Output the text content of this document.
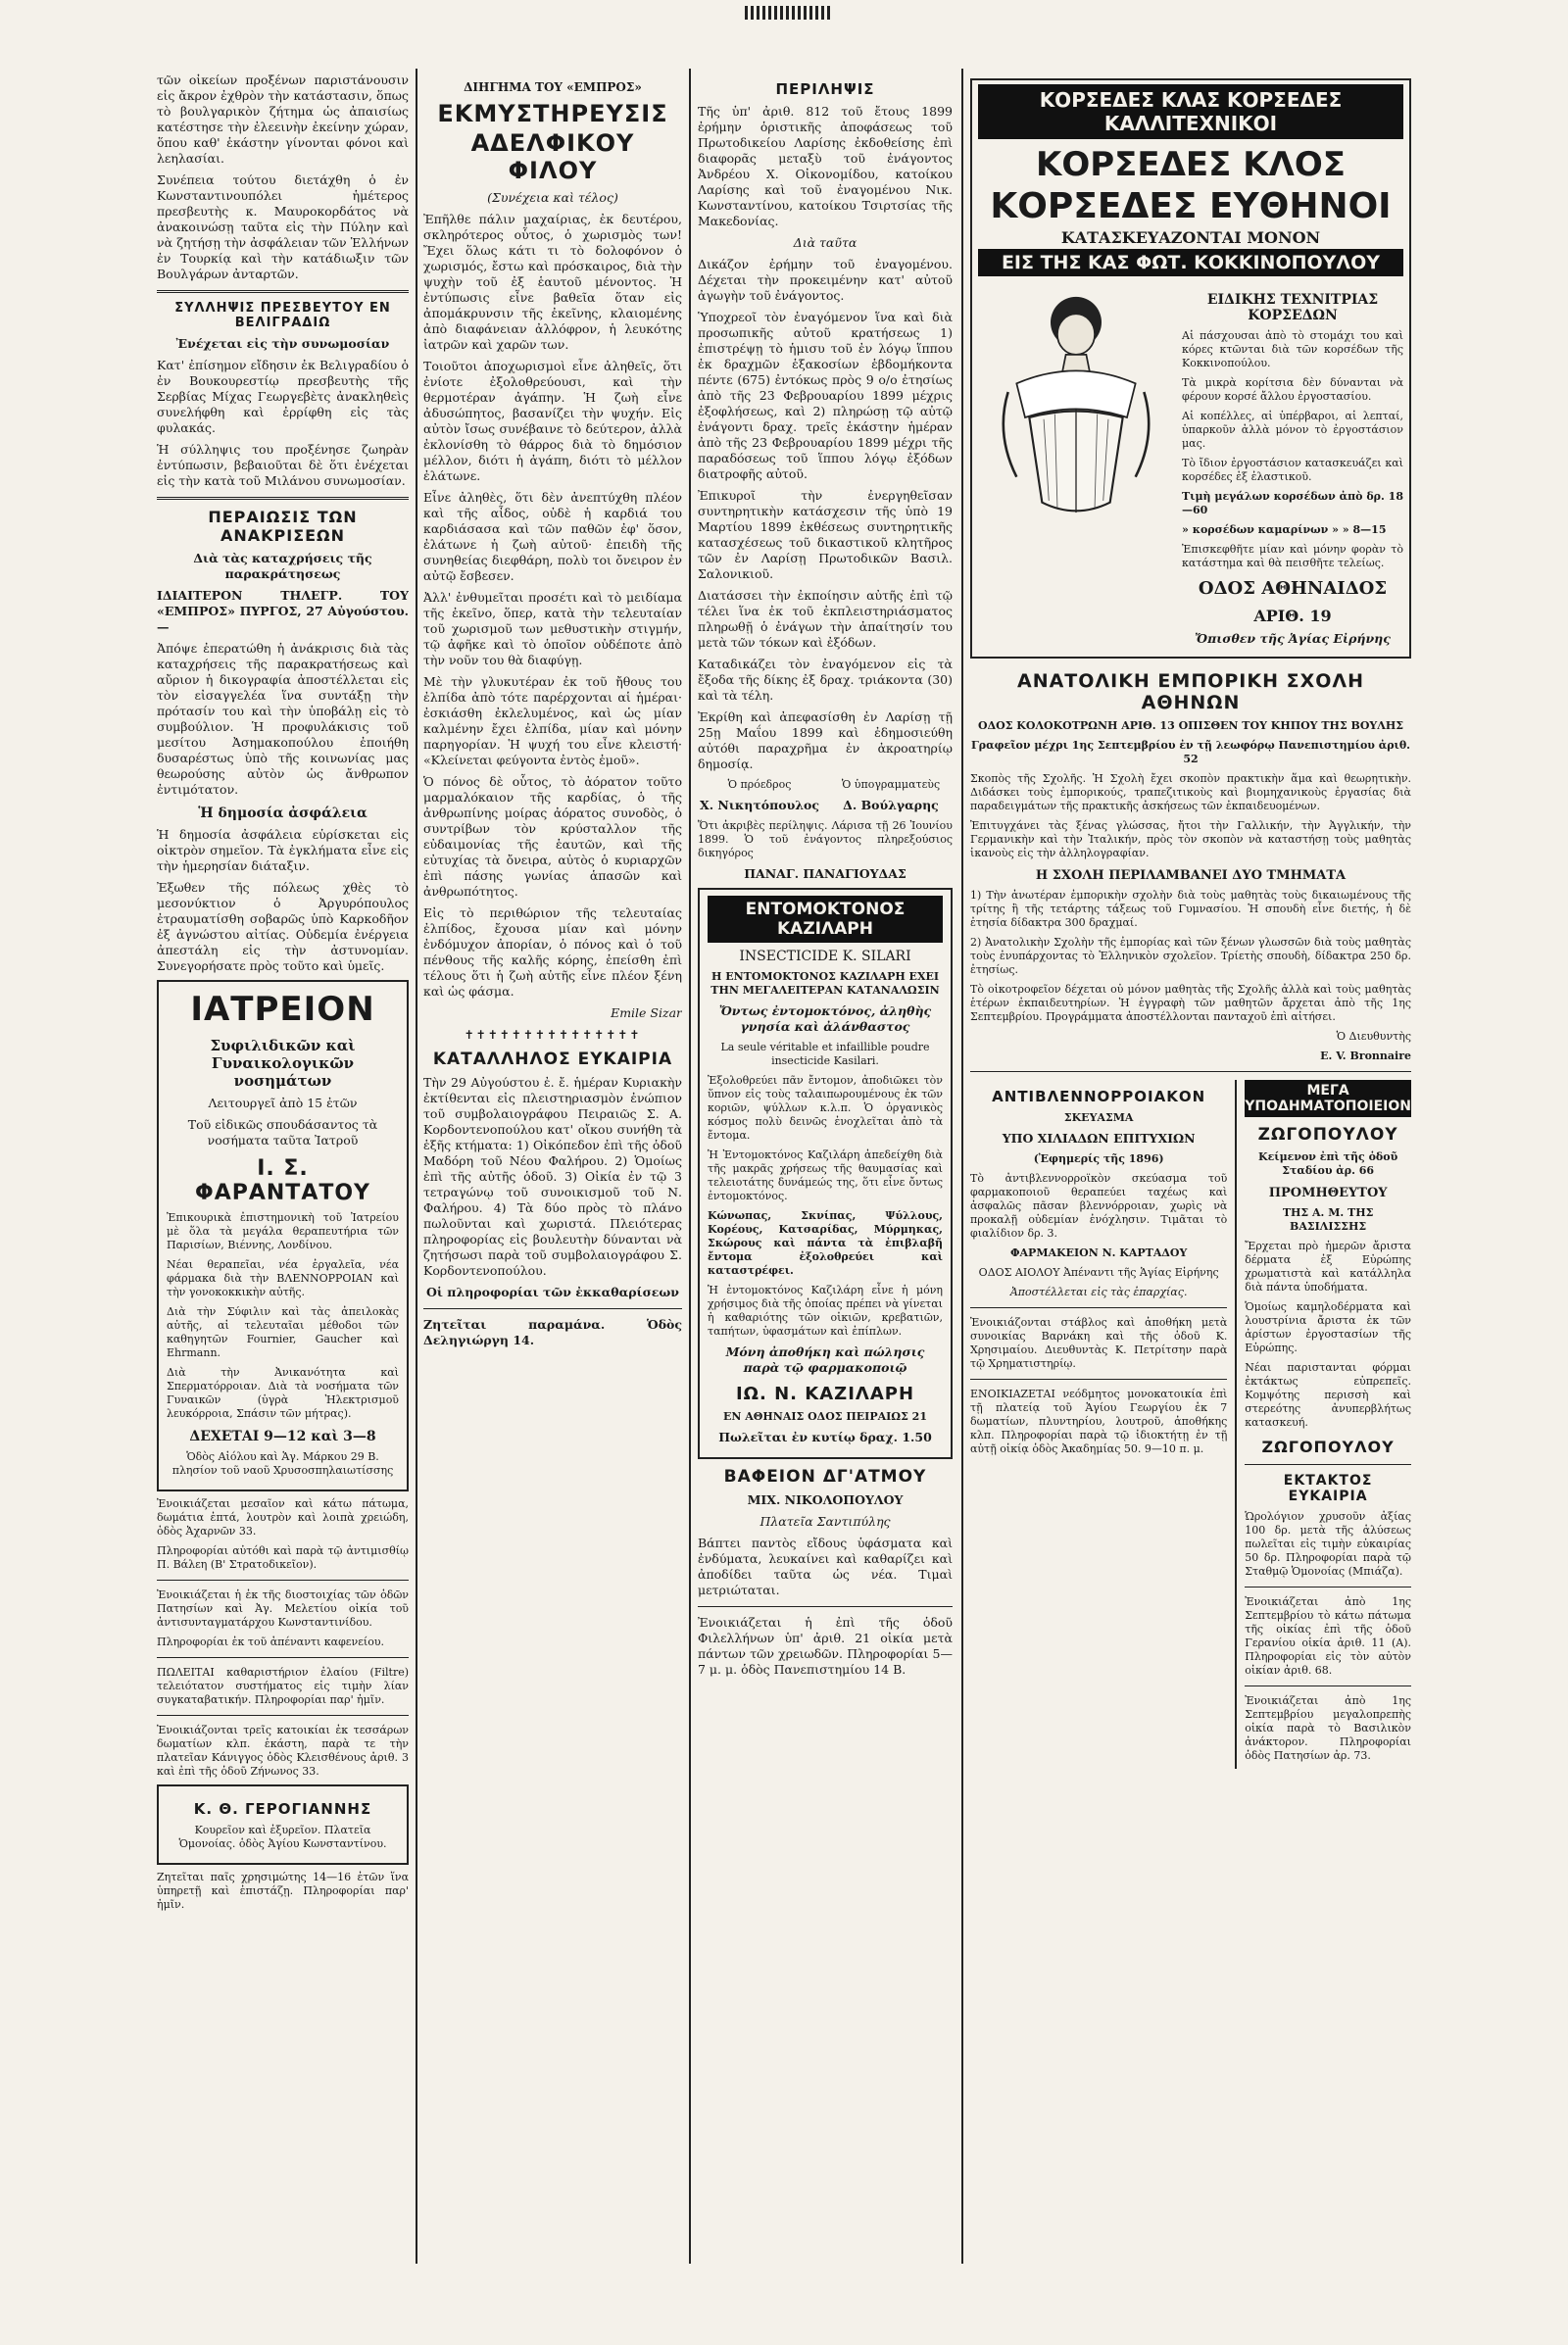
τῶν οἰκείων προξένων παριστάνουσιν εἰς ἄκρον ἐχθρὸν τὴν κατάστασιν, ὅπως τὸ βουλγαρικὸν ζήτημα ὡς ἀπαισίως κατέστησε τὴν ἐλεεινὴν ἐκείνην χώραν, ὅπου καθ' ἑκάστην γίνονται φόνοι καὶ λεηλασίαι.

Συνέπεια τούτου διετάχθη ὁ ἐν Κωνσταντινουπόλει ἡμέτερος πρεσβευτὴς κ. Μαυροκορδάτος νὰ ἀνακοινώσῃ ταῦτα εἰς τὴν Πύλην καὶ νὰ ζητήσῃ τὴν ἀσφάλειαν τῶν Ἑλλήνων ἐν Τουρκίᾳ καὶ τὴν κατάδιωξιν τῶν Βουλγάρων ἀνταρτῶν.

ΣΥΛΛΗΨΙΣ ΠΡΕΣΒΕΥΤΟΥ ΕΝ ΒΕΛΙΓΡΑΔΙΩ

Ἐνέχεται εἰς τὴν συνωμοσίαν

Κατ' ἐπίσημον εἴδησιν ἐκ Βελιγραδίου ὁ ἐν Βουκουρεστίῳ πρεσβευτὴς τῆς Σερβίας Μίχας Γεωργεβὲτς ἀνακληθεὶς συνελήφθη καὶ ἐρρίφθη εἰς τὰς φυλακάς.

Ἡ σύλληψις του προξένησε ζωηρὰν ἐντύπωσιν, βεβαιοῦται δὲ ὅτι ἐνέχεται εἰς τὴν κατὰ τοῦ Μιλάνου συνωμοσίαν.

ΠΕΡΑΙΩΣΙΣ ΤΩΝ ΑΝΑΚΡΙΣΕΩΝ

Διὰ τὰς καταχρήσεις τῆς παρακράτησεως

ΙΔΙΑΙΤΕΡΟΝ ΤΗΛΕΓΡ. ΤΟΥ «ΕΜΠΡΟΣ» ΠΥΡΓΟΣ, 27 Αὐγούστου.—

Ἀπόψε ἐπερατώθη ἡ ἀνάκρισις διὰ τὰς καταχρήσεις τῆς παρακρατήσεως καὶ αὔριον ἡ δικογραφία ἀποστέλλεται εἰς τὸν εἰσαγγελέα ἵνα συντάξῃ τὴν πρότασίν του καὶ τὴν ὑποβάλῃ εἰς τὸ συμβούλιον. Ἡ προφυλάκισις τοῦ μεσίτου Ἀσημακοπούλου ἐποιήθη δυσαρέστως ὑπὸ τῆς κοινωνίας μας θεωρούσης αὐτὸν ὡς ἄνθρωπον ἐντιμότατον.

Ἡ δημοσία ἀσφάλεια

Ἡ δημοσία ἀσφάλεια εὑρίσκεται εἰς οἰκτρὸν σημεῖον. Τὰ ἐγκλήματα εἶνε εἰς τὴν ἡμερησίαν διάταξιν.

Ἐξωθεν τῆς πόλεως χθὲς τὸ μεσονύκτιον ὁ Ἀργυρόπουλος ἐτραυματίσθη σοβαρῶς ὑπὸ Καρκοδῆον ἐξ ἀγνώστου αἰτίας. Οὐδεμία ἐνέργεια ἀπεστάλη εἰς τὴν ἀστυνομίαν. Συνεγορήσατε πρὸς τοῦτο καὶ ὑμεῖς.

ΙΑΤΡΕΙΟΝ
Συφιλιδικῶν καὶ Γυναικολογικῶν νοσημάτων

Λειτουργεῖ ἀπὸ 15 ἐτῶν

Τοῦ εἰδικῶς σπουδάσαντος τὰ νοσήματα ταῦτα Ἰατροῦ

Ι. Σ. ΦΑΡΑΝΤΑΤΟΥ

Ἐπικουρικὰ ἐπιστημονικὴ τοῦ Ἰατρείου μὲ ὅλα τὰ μεγάλα θεραπευτήρια τῶν Παρισίων, Βιέννης, Λονδίνου.

Νέαι θεραπεῖαι, νέα ἐργαλεῖα, νέα φάρμακα διὰ τὴν ΒΛΕΝΝΟΡΡΟΙΑΝ καὶ τὴν γονοκοκκικὴν αὐτῆς.

Διὰ τὴν Σύφιλιν καὶ τὰς ἀπειλοκὰς αὐτῆς, αἱ τελευταῖαι μέθοδοι τῶν καθηγητῶν Fournier, Gaucher καὶ Ehrmann.

Διὰ τὴν Ἀνικανότητα καὶ Σπερματόρροιαν. Διὰ τὰ νοσήματα τῶν Γυναικῶν (ὑγρὰ Ἠλεκτρισμοῦ λευκόρροια, Σπάσιν τῶν μήτρας).

ΔΕΧΕΤΑΙ 9—12 καὶ 3—8

Ὁδὸς Αἰόλου καὶ Ἁγ. Μάρκου 29 Β. πλησίον τοῦ ναοῦ Χρυσοσπηλαιωτίσσης

Ἐνοικιάζεται μεσαῖον καὶ κάτω πάτωμα, δωμάτια ἐπτά, λουτρὸν καὶ λοιπὰ χρειώδη, ὁδὸς Ἀχαρνῶν 33.

Πληροφορίαι αὐτόθι καὶ παρὰ τῷ ἀντιμισθίῳ Π. Βάλεη (Β' Στρατοδικεῖον).

Ἐνοικιάζεται ἡ ἐκ τῆς διοστοιχίας τῶν ὁδῶν Πατησίων καὶ Ἀγ. Μελετίου οἰκία τοῦ ἀντισυνταγματάρχου Κωνσταντινίδου.

Πληροφορίαι ἐκ τοῦ ἀπέναντι καφενείου.

ΠΩΛΕΙΤΑΙ καθαριστήριον ἐλαίου (Filtre) τελειότατον συστήματος εἰς τιμὴν λίαν συγκαταβατικήν. Πληροφορίαι παρ' ἡμῖν.

Ἐνοικιάζονται τρεῖς κατοικίαι ἐκ τεσσάρων δωματίων κλπ. ἑκάστη, παρὰ τε τὴν πλατεῖαν Κάνιγγος ὁδὸς Κλεισθένους ἀριθ. 3 καὶ ἐπὶ τῆς ὁδοῦ Ζήνωνος 33.

Κ. Θ. ΓΕΡΟΓΙΑΝΝΗΣ

Κουρεῖον καὶ ἐξυρεῖον. Πλατεῖα Ὁμονοίας. ὁδὸς Ἀγίου Κωνσταντίνου.

Ζητεῖται παῖς χρησιμώτης 14—16 ἐτῶν ἵνα ὑπηρετῇ καὶ ἐπιστάζῃ. Πληροφορίαι παρ' ἡμῖν.

ΔΙΗΓΗΜΑ ΤΟΥ «ΕΜΠΡΟΣ»
ΕΚΜΥΣΤΗΡΕΥΣΙΣ
ΑΔΕΛΦΙΚΟΥ ΦΙΛΟΥ

(Συνέχεια καὶ τέλος)

Ἐπῆλθε πάλιν μαχαίριας, ἐκ δευτέρου, σκληρότερος οὗτος, ὁ χωρισμὸς των! Ἔχει ὅλως κάτι τι τὸ δολοφόνον ὁ χωρισμός, ἔστω καὶ πρόσκαιρος, διὰ τὴν ψυχὴν τοῦ ἐξ ἑαυτοῦ μένοντος. Ἡ ἐντύπωσις εἶνε βαθεῖα ὅταν εἰς ἀπομάκρυνσιν τῆς ἐκεῖνης, κλαιομένης ἀπὸ διαφάνειαν ἀλλόφρον, ἡ λευκότης ἰατρῶν καὶ χαρῶν των.

Τοιοῦτοι ἀποχωρισμοὶ εἶνε ἀληθεῖς, ὅτι ἐνίοτε ἐξολοθρεύουσι, καὶ τὴν θερμοτέραν ἀγάπην. Ἡ ζωὴ εἶνε ἀδυσώπητος, βασανίζει τὴν ψυχήν. Εἰς αὐτὸν ἴσως συνέβαινε τὸ δεύτερον, ἀλλὰ ἐκλονίσθη τὸ θάρρος διὰ τὸ δημόσιον μέλλον, διότι ἡ ἀγάπη, διότι τὸ μέλλον ἐλάτωνε.

Εἶνε ἀληθὲς, ὅτι δὲν ἀνεπτύχθη πλέον καὶ τῆς αἶδος, οὐδὲ ἡ καρδιά του καρδιάσασα καὶ τῶν παθῶν ἐφ' ὅσον, ἐλάτωνε ἡ ζωὴ αὐτοῦ· ἐπειδὴ τῆς συνηθείας διεφθάρη, πολὺ τοι ὄνειρον ἐν αὐτῷ ἔσβεσεν.

Ἀλλ' ἐνθυμεῖται προσέτι καὶ τὸ μειδίαμα τῆς ἐκεῖνο, ὅπερ, κατὰ τὴν τελευταίαν τοῦ χωρισμοῦ των μεθυστικὴν στιγμήν, τῷ ἀφῆκε καὶ τὸ ὁποῖον οὐδέποτε ἀπὸ τὴν νοῦν του θὰ διαφύγῃ.

Μὲ τὴν γλυκυτέραν ἐκ τοῦ ἤθους του ἐλπίδα ἀπὸ τότε παρέρχονται αἱ ἡμέραι· ἐσκιάσθη ἐκλελυμένος, καὶ ὡς μίαν καλμένην ἔχει ἐλπίδα, μίαν καὶ μόνην παρηγορίαν. Ἡ ψυχή του εἶνε κλειστή· «Κλείνεται φεύγοντα ἐντὸς ἐμοῦ».

Ὁ πόνος δὲ οὗτος, τὸ ἀόρατον τοῦτο μαρμαλόκαιον τῆς καρδίας, ὁ τῆς ἀνθρωπίνης μοίρας ἀόρατος συνοδὸς, ὁ συντρίβων τὸν κρύσταλλον τῆς εὐδαιμονίας τῆς ἑαυτῶν, καὶ τῆς εὐτυχίας τὰ ὄνειρα, αὐτὸς ὁ κυριαρχῶν ἐπὶ πάσης γωνίας ἁπασῶν καὶ ἀνθρωπότητος.

Εἰς τὸ περιθώριον τῆς τελευταίας ἐλπίδος, ἔχουσα μίαν καὶ μόνην ἐνδόμυχον ἀπορίαν, ὁ πόνος καὶ ὁ τοῦ πένθους τῆς καλῆς κόρης, ἐπείσθη ἐπὶ τέλους ὅτι ἡ ζωὴ αὐτῆς εἶνε πλέον ξένη καὶ ὡς φάσμα.

Emile Sizar
✝✝✝✝✝✝✝✝✝✝✝✝✝✝✝
ΚΑΤΑΛΛΗΛΟΣ ΕΥΚΑΙΡΙΑ

Τὴν 29 Αὐγούστου ἐ. ἔ. ἡμέραν Κυριακὴν ἐκτίθενται εἰς πλειστηριασμὸν ἐνώπιον τοῦ συμβολαιογράφου Πειραιῶς Σ. Α. Κορδοντενοπούλου κατ' οἴκου συνήθη τὰ ἑξῆς κτήματα: 1) Οἰκόπεδον ἐπὶ τῆς ὁδοῦ Μαδόρη τοῦ Νέου Φαλήρου. 2) Ὁμοίως ἐπὶ τῆς αὐτῆς ὁδοῦ. 3) Οἰκία ἐν τῷ 3 τετραγώνῳ τοῦ συνοικισμοῦ τοῦ Ν. Φαλήρου. 4) Τὰ δύο πρὸς τὸ πλάνο πωλοῦνται καὶ χωριστά. Πλειότερας πληροφορίας εἰς βουλευτὴν δύνανται νὰ ζητήσωσι παρὰ τοῦ συμβολαιογράφου Σ. Κορδοντενοπούλου.

Οἱ πληροφορίαι τῶν ἐκκαθαρίσεων

Ζητεῖται παραμάνα. Ὁδὸς Δεληγιώργη 14.

ΠΕΡΙΛΗΨΙΣ

Τῆς ὑπ' ἀριθ. 812 τοῦ ἔτους 1899 ἐρήμην ὁριστικῆς ἀποφάσεως τοῦ Πρωτοδικείου Λαρίσης ἐκδοθείσης ἐπὶ διαφορᾶς μεταξὺ τοῦ ἐνάγοντος Ἀνδρέου Χ. Οἰκονομίδου, κατοίκου Λαρίσης καὶ τοῦ ἐναγομένου Νικ. Κωνσταντίνου, κατοίκου Τσιρτσίας τῆς Μακεδονίας.

Διὰ ταῦτα

Δικάζον ἐρήμην τοῦ ἐναγομένου. Δέχεται τὴν προκειμένην κατ' αὐτοῦ ἀγωγὴν τοῦ ἐνάγοντος.

Ὑποχρεοῖ τὸν ἐναγόμενον ἵνα καὶ διὰ προσωπικῆς αὐτοῦ κρατήσεως 1) ἐπιστρέψῃ τὸ ἡμισυ τοῦ ἐν λόγῳ ἵππου ἐκ δραχμῶν ἑξακοσίων ἑβδομήκοντα πέντε (675) ἐντόκως πρὸς 9 ο/ο ἐτησίως ἀπὸ τῆς 23 Φεβρουαρίου 1899 μέχρις ἐξοφλήσεως, καὶ 2) πληρώσῃ τῷ αὐτῷ ἐνάγοντι δραχ. τρεῖς ἑκάστην ἡμέραν ἀπὸ τῆς 23 Φεβρουαρίου 1899 μέχρι τῆς παραδόσεως τοῦ ἵππου λόγῳ ἐξόδων διατροφῆς αὐτοῦ.

Ἐπικυροῖ τὴν ἐνεργηθεῖσαν συντηρητικὴν κατάσχεσιν τῆς ὑπὸ 19 Μαρτίου 1899 ἐκθέσεως συντηρητικῆς κατασχέσεως τοῦ δικαστικοῦ κλητῆρος τῶν ἐν Λαρίσῃ Πρωτοδικῶν Βασιλ. Σαλονικιοῦ.

Διατάσσει τὴν ἐκποίησιν αὐτῆς ἐπὶ τῷ τέλει ἵνα ἐκ τοῦ ἐκπλειστηριάσματος πληρωθῇ ὁ ἐνάγων τὴν ἀπαίτησίν του μετὰ τῶν τόκων καὶ ἐξόδων.

Καταδικάζει τὸν ἐναγόμενον εἰς τὰ ἔξοδα τῆς δίκης ἐξ δραχ. τριάκοντα (30) καὶ τὰ τέλη.

Ἐκρίθη καὶ ἀπεφασίσθη ἐν Λαρίσῃ τῇ 25ῃ Μαΐου 1899 καὶ ἐδημοσιεύθη αὐτόθι παραχρῆμα ἐν ἀκροατηρίῳ δημοσίᾳ.

Ὁ πρόεδρος

Χ. Νικητόπουλος

Ὁ ὑπογραμματεὺς

Δ. Βούλγαρης

Ὅτι ἀκριβὲς περίληψις. Λάρισα τῇ 26 Ἰουνίου 1899. Ὁ τοῦ ἐνάγοντος πληρεξούσιος δικηγόρος

ΠΑΝΑΓ. ΠΑΝΑΓΙΟΥΔΑΣ

ΕΝΤΟΜΟΚΤΟΝΟΣ ΚΑΖΙΛΑΡΗ

INSECTICIDE K. SILARI

Η ΕΝΤΟΜΟΚΤΟΝΟΣ ΚΑΖΙΛΑΡΗ ΕΧΕΙ ΤΗΝ ΜΕΓΑΛΕΙΤΕΡΑΝ ΚΑΤΑΝΑΛΩΣΙΝ

Ὄντως ἐντομοκτόνος, ἀληθὴς γνησία καὶ ἀλάνθαστος

La seule véritable et infaillible poudre insecticide Kasilari.

Ἐξολοθρεύει πᾶν ἔντομον, ἀποδιῶκει τὸν ὕπνον εἰς τοὺς ταλαιπωρουμένους ἐκ τῶν κοριῶν, ψύλλων κ.λ.π. Ὁ ὀργανικὸς κόσμος πολὺ δεινῶς ἐνοχλεῖται ἀπὸ τὰ ἔντομα.

Ἡ Ἐντομοκτόνος Καζιλάρη ἀπεδείχθη διὰ τῆς μακρᾶς χρήσεως τῆς θαυμασίας καὶ τελειοτάτης δυνάμεώς της, ὅτι εἶνε ὄντως ἐντομοκτόνος.

Κώνωπας, Σκνίπας, Ψύλλους, Κορέους, Κατσαρίδας, Μύρμηκας, Σκώρους καὶ πάντα τὰ ἐπιβλαβῆ ἔντομα ἐξολοθρεύει καὶ καταστρέφει.

Ἡ ἐντομοκτόνος Καζιλάρη εἶνε ἡ μόνη χρήσιμος διὰ τῆς ὁποίας πρέπει νὰ γίνεται ἡ καθαριότης τῶν οἰκιῶν, κρεβατιῶν, ταπήτων, ὑφασμάτων καὶ ἐπίπλων.

Μόνη ἀποθήκη καὶ πώλησις παρὰ τῷ φαρμακοποιῷ

ΙΩ. Ν. ΚΑΖΙΛΑΡΗ

ΕΝ ΑΘΗΝΑΙΣ ΟΔΟΣ ΠΕΙΡΑΙΩΣ 21

Πωλεῖται ἐν κυτίῳ δραχ. 1.50

ΒΑΦΕΙΟΝ ΔΓ'ΑΤΜΟΥ

ΜΙΧ. ΝΙΚΟΛΟΠΟΥΛΟΥ

Πλατεῖα Σαντιπύλης

Βάπτει παντὸς εἴδους ὑφάσματα καὶ ἐνδύματα, λευκαίνει καὶ καθαρίζει καὶ ἀποδίδει ταῦτα ὡς νέα. Τιμαὶ μετριώταται.

Ἐνοικιάζεται ἡ ἐπὶ τῆς ὁδοῦ Φιλελλήνων ὑπ' ἀριθ. 21 οἰκία μετὰ πάντων τῶν χρειωδῶν. Πληροφορίαι 5—7 μ. μ. ὁδὸς Πανεπιστημίου 14 Β.

ΚΟΡΣΕΔΕΣ ΚΛΑΣ ΚΟΡΣΕΔΕΣ ΚΑΛΛΙΤΕΧΝΙΚΟΙ
ΚΟΡΣΕΔΕΣ ΚΛΟΣ
ΚΟΡΣΕΔΕΣ ΕΥΘΗΝΟΙ
ΚΑΤΑΣΚΕΥΑΖΟΝΤΑΙ ΜΟΝΟΝ
ΕΙΣ ΤΗΣ ΚΑΣ ΦΩΤ. ΚΟΚΚΙΝΟΠΟΥΛΟΥ
ΕΙΔΙΚΗΣ ΤΕΧΝΙΤΡΙΑΣ ΚΟΡΣΕΔΩΝ

Αἱ πάσχουσαι ἀπὸ τὸ στομάχι του καὶ κόρες κτῶνται διὰ τῶν κορσέδων τῆς Κοκκινοπούλου.

Τὰ μικρὰ κορίτσια δὲν δύνανται νὰ φέρουν κορσέ ἄλλου ἐργοστασίου.

Αἱ κοπέλλες, αἱ ὑπέρβαροι, αἱ λεπταί, ὑπαρκοῦν ἀλλὰ μόνον τὸ ἐργοστάσιον μας.

Τὸ ἴδιον ἐργοστάσιον κατασκευάζει καὶ κορσέδες ἐξ ἐλαστικοῦ.

Τιμὴ μεγάλων κορσέδων ἀπὸ δρ. 18—60

» κορσέδων καμαρίνων » » 8—15

Ἐπισκεφθῆτε μίαν καὶ μόνην φορὰν τὸ κατάστημα καὶ θὰ πεισθῆτε τελείως.

ΟΔΟΣ ΑΘΗΝΑΙΔΟΣ
ΑΡΙΘ. 19

Ὄπισθεν τῆς Ἁγίας Εἰρήνης

ΑΝΑΤΟΛΙΚΗ ΕΜΠΟΡΙΚΗ ΣΧΟΛΗ ΑΘΗΝΩΝ

ΟΔΟΣ ΚΟΛΟΚΟΤΡΩΝΗ ΑΡΙΘ. 13 ΟΠΙΣΘΕΝ ΤΟΥ ΚΗΠΟΥ ΤΗΣ ΒΟΥΛΗΣ

Γραφεῖον μέχρι 1ης Σεπτεμβρίου ἐν τῇ λεωφόρῳ Πανεπιστημίου ἀριθ. 52

Σκοπὸς τῆς Σχολῆς. Ἡ Σχολὴ ἔχει σκοπὸν πρακτικὴν ἅμα καὶ θεωρητικὴν. Διδάσκει τοὺς ἐμπορικούς, τραπεζιτικοὺς καὶ βιομηχανικοὺς ἐργασίας διὰ παραδειγμάτων τῆς πρακτικῆς ἀσκήσεως τῶν ἐκπαιδευομένων.

Ἐπιτυγχάνει τὰς ξένας γλώσσας, ἤτοι τὴν Γαλλικήν, τὴν Ἀγγλικήν, τὴν Γερμανικὴν καὶ τὴν Ἰταλικήν, πρὸς τὸν σκοπὸν νὰ καταστήσῃ τοὺς μαθητὰς ἱκανοὺς εἰς τὴν ἀλληλογραφίαν.

Η ΣΧΟΛΗ ΠΕΡΙΛΑΜΒΑΝΕΙ ΔΥΟ ΤΜΗΜΑΤΑ

1) Τὴν ἀνωτέραν ἐμπορικὴν σχολὴν διὰ τοὺς μαθητὰς τοὺς δικαιωμένους τῆς τρίτης ἢ τῆς τετάρτης τάξεως τοῦ Γυμνασίου. Ἡ σπουδὴ εἶνε διετής, ἡ δὲ ἐτησία δίδακτρα 300 δραχμαί.

2) Ἀνατολικὴν Σχολὴν τῆς ἐμπορίας καὶ τῶν ξένων γλωσσῶν διὰ τοὺς μαθητὰς τοὺς ἐνυπάρχοντας τὸ Ἑλληνικὸν σχολεῖον. Τρίετὴς σπουδὴ, δίδακτρα 250 δρ. ἐτησίως.

Τὸ οἰκοτροφεῖον δέχεται οὐ μόνον μαθητὰς τῆς Σχολῆς ἀλλὰ καὶ τοὺς μαθητὰς ἑτέρων ἐκπαιδευτηρίων. Ἡ ἐγγραφὴ τῶν μαθητῶν ἄρχεται ἀπὸ τῆς 1ης Σεπτεμβρίου. Προγράμματα ἀποστέλλονται πανταχοῦ ἐπὶ αἰτήσει.

Ὁ Διευθυντὴς

E. V. Bronnaire

ΑΝΤΙΒΛΕΝΝΟΡΡΟΙΑΚΟΝ

ΣΚΕΥΑΣΜΑ

ΥΠΟ ΧΙΛΙΑΔΩΝ ΕΠΙΤΥΧΙΩΝ

(Ἐφημερίς τῆς 1896)

Τὸ ἀντιβλεννορροϊκὸν σκεύασμα τοῦ φαρμακοποιοῦ θεραπεύει ταχέως καὶ ἀσφαλῶς πᾶσαν βλεννόρροιαν, χωρὶς νὰ προκαλῇ οὐδεμίαν ἐνόχλησιν. Τιμᾶται τὸ φιαλίδιον δρ. 3.

ΦΑΡΜΑΚΕΙΟΝ Ν. ΚΑΡΤΑΔΟΥ

ΟΔΟΣ ΑΙΟΛΟΥ Ἀπέναντι τῆς Ἁγίας Εἰρήνης

Ἀποστέλλεται εἰς τὰς ἐπαρχίας.

Ἐνοικιάζονται στάβλος καὶ ἀποθήκη μετὰ συνοικίας Βαρνάκη καὶ τῆς ὁδοῦ Κ. Χρησιμαίου. Διευθυντὰς Κ. Πετρίτσην παρὰ τῷ Χρηματιστηρίῳ.

ΕΝΟΙΚΙΑΖΕΤΑΙ νεόδμητος μονοκατοικία ἐπὶ τῇ πλατείᾳ τοῦ Ἁγίου Γεωργίου ἐκ 7 δωματίων, πλυντηρίου, λουτροῦ, ἀποθήκης κλπ. Πληροφορίαι παρὰ τῷ ἰδιοκτήτῃ ἐν τῇ αὐτῇ οἰκίᾳ ὁδὸς Ἀκαδημίας 50. 9—10 π. μ.

ΜΕΓΑ ΥΠΟΔΗΜΑΤΟΠΟΙΕΙΟΝ
ΖΩΓΟΠΟΥΛΟΥ

Κείμενον ἐπὶ τῆς ὁδοῦ Σταδίου ἀρ. 66

ΠΡΟΜΗΘΕΥΤΟΥ

ΤΗΣ Α. Μ. ΤΗΣ ΒΑΣΙΛΙΣΣΗΣ

Ἔρχεται πρὸ ἡμερῶν ἄριστα δέρματα ἐξ Εὐρώπης χρωματιστὰ καὶ κατάλληλα διὰ πάντα ὑποδήματα.

Ὁμοίως καμηλοδέρματα καὶ λουστρίνια ἄριστα ἐκ τῶν ἀρίστων ἐργοστασίων τῆς Εὐρώπης.

Νέαι παριστανται φόρμαι ἐκτάκτως εὐπρεπεῖς. Κομψότης περισσὴ καὶ στερεότης ἀνυπερβλήτως κατασκευή.

ΖΩΓΟΠΟΥΛΟΥ
ΕΚΤΑΚΤΟΣ ΕΥΚΑΙΡΙΑ

Ὡρολόγιον χρυσοῦν ἀξίας 100 δρ. μετὰ τῆς ἁλύσεως πωλεῖται εἰς τιμὴν εὐκαιρίας 50 δρ. Πληροφορίαι παρὰ τῷ Σταθμῷ Ὁμονοίας (Μπιάζα).

Ἐνοικιάζεται ἀπὸ 1ης Σεπτεμβρίου τὸ κάτω πάτωμα τῆς οἰκίας ἐπὶ τῆς ὁδοῦ Γερανίου οἰκία ἀριθ. 11 (Α). Πληροφορίαι εἰς τὸν αὐτὸν οἰκίαν ἀριθ. 68.

Ἐνοικιάζεται ἀπὸ 1ης Σεπτεμβρίου μεγαλοπρεπὴς οἰκία παρὰ τὸ Βασιλικὸν ἀνάκτορον. Πληροφορίαι ὁδὸς Πατησίων ἀρ. 73.
